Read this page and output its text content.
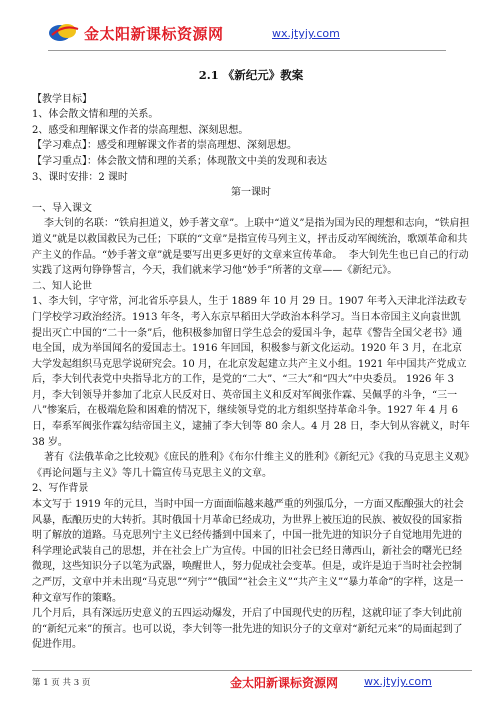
金太阳新课标资源网	wx.jtyjy.com
2.1 《新纪元》教案

【教学目标】

1、体会散文情和理的关系。

2、感受和理解课文作者的崇高理想、深刻思想。

【学习难点】：感受和理解课文作者的崇高理想、深刻思想。

【学习重点】：体会散文情和理的关系；体现散文中美的发现和表达

3、课时安排：2 课时

第一课时

一、导入课文

李大钊的名联：“铁肩担道义，妙手著文章”。上联中“道义”是指为国为民的理想和志向，“铁肩担道义”就是以救国救民为己任；下联的“文章”是指宣传马列主义，抨击反动军阀统治，歌颂革命和共产主义的作品。“妙手著文章”就是要写出更多更好的文章来宣传革命。  李大钊先生也已自己的行动实践了这两句铮铮誓言，今天，我们就来学习他“妙手”所著的文章——《新纪元》。

二、知人论世

1、李大钊，字守常，河北省乐亭县人，生于 1889 年 10 月 29 日。1907 年考入天津北洋法政专门学校学习政治经济。1913 年冬，考入东京早稻田大学政治本科学习。当日本帝国主义向袁世凯提出灭亡中国的“二十一条”后，他积极参加留日学生总会的爱国斗争，起草《警告全国父老书》通电全国，成为举国闻名的爱国志士。1916 年回国，积极参与新文化运动。1920 年 3 月，在北京大学发起组织马克思学说研究会。10 月，在北京发起建立共产主义小组。1921 年中国共产党成立后，李大钊代表党中央指导北方的工作，是党的“二大”、“三大”和“四大”中央委员。 1926 年 3 月，李大钊领导并参加了北京人民反对日、英帝国主义和反对军阀张作霖、吴佩孚的斗争，“三一八”惨案后，在极端危险和困难的情况下，继续领导党的北方组织坚持革命斗争。1927 年 4 月 6 日，奉系军阀张作霖勾结帝国主义，逮捕了李大钊等 80 余人。4 月 28 日，李大钊从容就义，时年 38 岁。

著有《法俄革命之比较观》《庶民的胜利》《布尔什维主义的胜利》《新纪元》《我的马克思主义观》《再论问题与主义》等几十篇宣传马克思主义的文章。

2、写作背景

本文写于 1919 年的元旦，当时中国一方面面临越来越严重的列强瓜分，一方面又酝酿强大的社会风暴，酝酿历史的大转折。其时俄国十月革命已经成功，为世界上被压迫的民族、被奴役的国家指明了解放的道路。马克思列宁主义已经传播到中国来了，中国一批先进的知识分子自觉地用先进的科学理论武装自己的思想，并在社会上广为宣传。中国的旧社会已经日薄西山，新社会的曙光已经微现，这些知识分子以笔为武器，唤醒世人，努力促成社会变革。但是，或许是迫于当时社会控制之严厉，文章中并未出现“马克思”“列宁”“俄国”“社会主义”“共产主义”“暴力革命”的字样，这是一种文章写作的策略。

几个月后，具有深远历史意义的五四运动爆发，开启了中国现代史的历程，这就印证了李大钊此前的“新纪元来”的预言。也可以说，李大钊等一批先进的知识分子的文章对“新纪元来”的局面起到了促进作用。

第 1 页 共 3 页	金太阳新课标资源网 wx.jtyjy.com
